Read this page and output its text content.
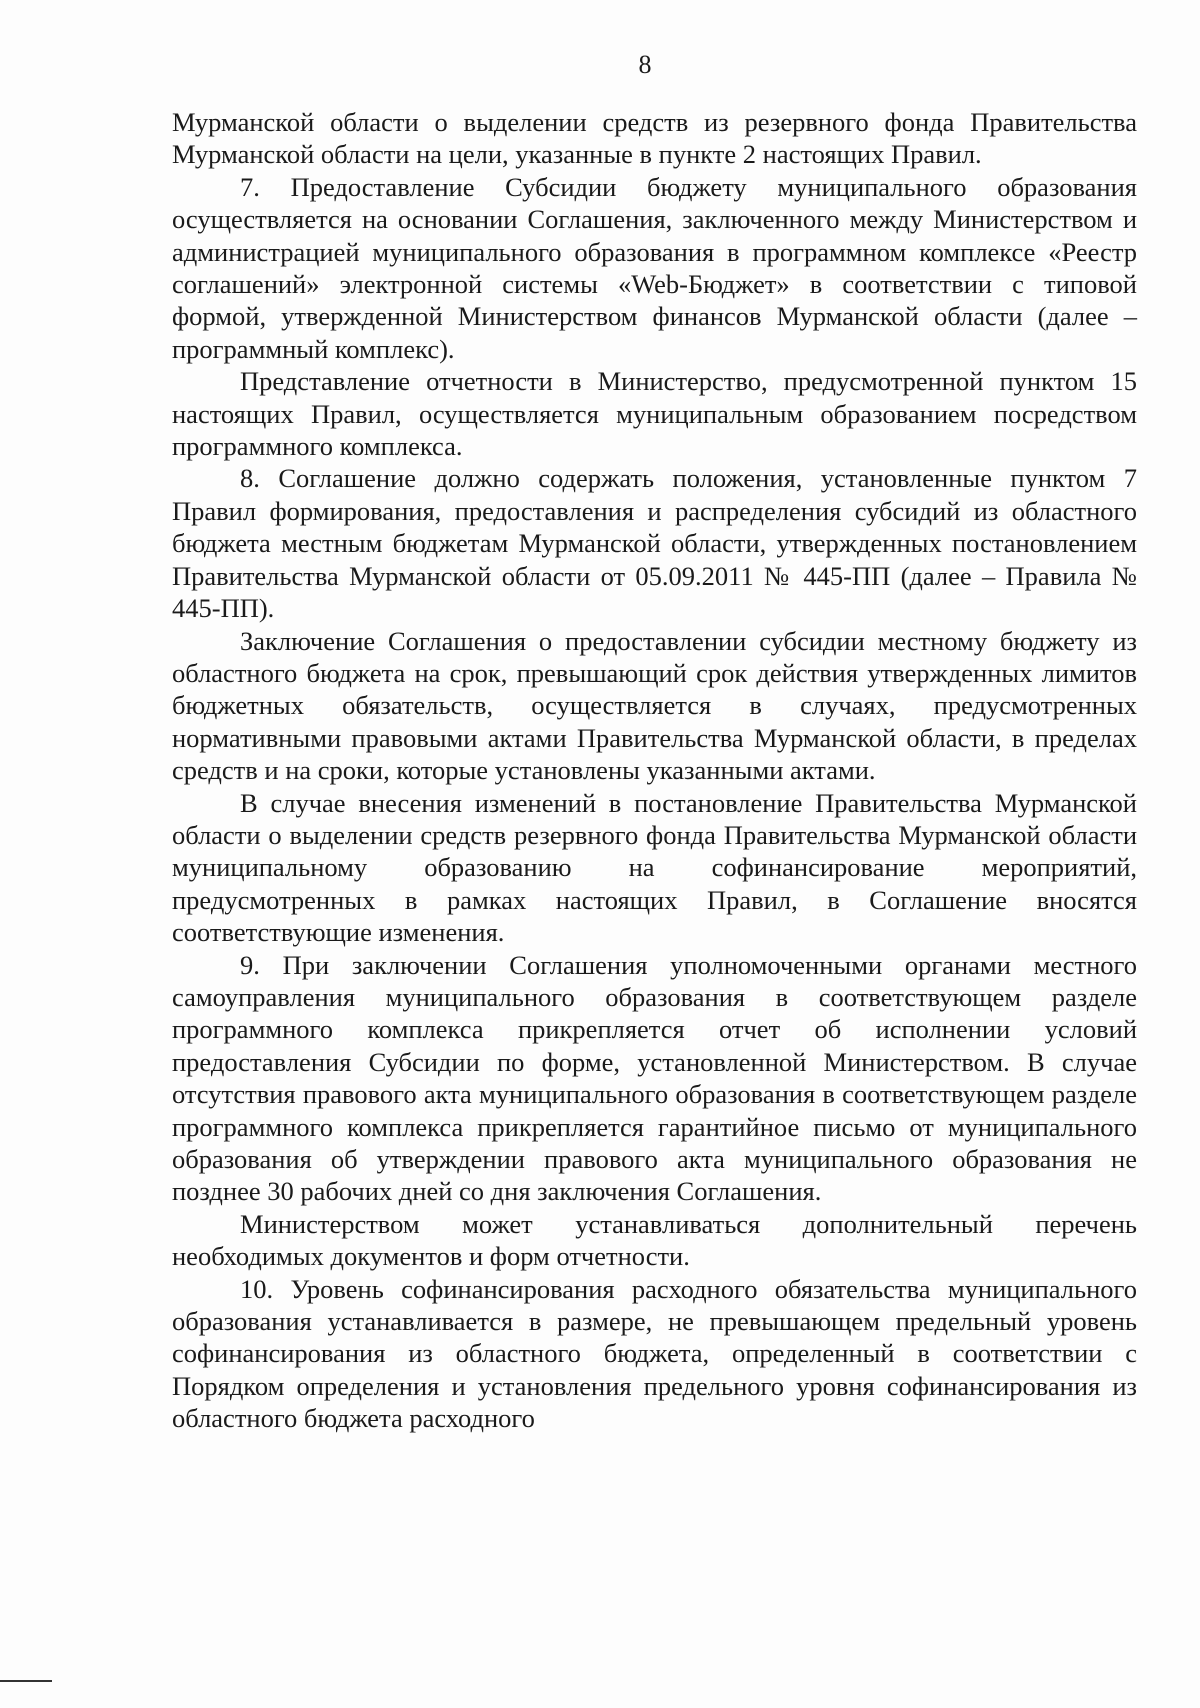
8

Мурманской области о выделении средств из резервного фонда Правительства Мурманской области на цели, указанные в пункте 2 настоящих Правил.

7. Предоставление Субсидии бюджету муниципального образования осуществляется на основании Соглашения, заключенного между Министерством и администрацией муниципального образования в программном комплексе «Реестр соглашений» электронной системы «Web-Бюджет» в соответствии с типовой формой, утвержденной Министерством финансов Мурманской области (далее – программный комплекс).

Представление отчетности в Министерство, предусмотренной пунктом 15 настоящих Правил, осуществляется муниципальным образованием посредством программного комплекса.

8. Соглашение должно содержать положения, установленные пунктом 7 Правил формирования, предоставления и распределения субсидий из областного бюджета местным бюджетам Мурманской области, утвержденных постановлением Правительства Мурманской области от 05.09.2011 № 445-ПП (далее – Правила № 445-ПП).

Заключение Соглашения о предоставлении субсидии местному бюджету из областного бюджета на срок, превышающий срок действия утвержденных лимитов бюджетных обязательств, осуществляется в случаях, предусмотренных нормативными правовыми актами Правительства Мурманской области, в пределах средств и на сроки, которые установлены указанными актами.

В случае внесения изменений в постановление Правительства Мурманской области о выделении средств резервного фонда Правительства Мурманской области муниципальному образованию на софинансирование мероприятий, предусмотренных в рамках настоящих Правил, в Соглашение вносятся соответствующие изменения.

9. При заключении Соглашения уполномоченными органами местного самоуправления муниципального образования в соответствующем разделе программного комплекса прикрепляется отчет об исполнении условий предоставления Субсидии по форме, установленной Министерством. В случае отсутствия правового акта муниципального образования в соответствующем разделе программного комплекса прикрепляется гарантийное письмо от муниципального образования об утверждении правового акта муниципального образования не позднее 30 рабочих дней со дня заключения Соглашения.

Министерством может устанавливаться дополнительный перечень необходимых документов и форм отчетности.

10. Уровень софинансирования расходного обязательства муниципального образования устанавливается в размере, не превышающем предельный уровень софинансирования из областного бюджета, определенный в соответствии с Порядком определения и установления предельного уровня софинансирования из областного бюджета расходного
